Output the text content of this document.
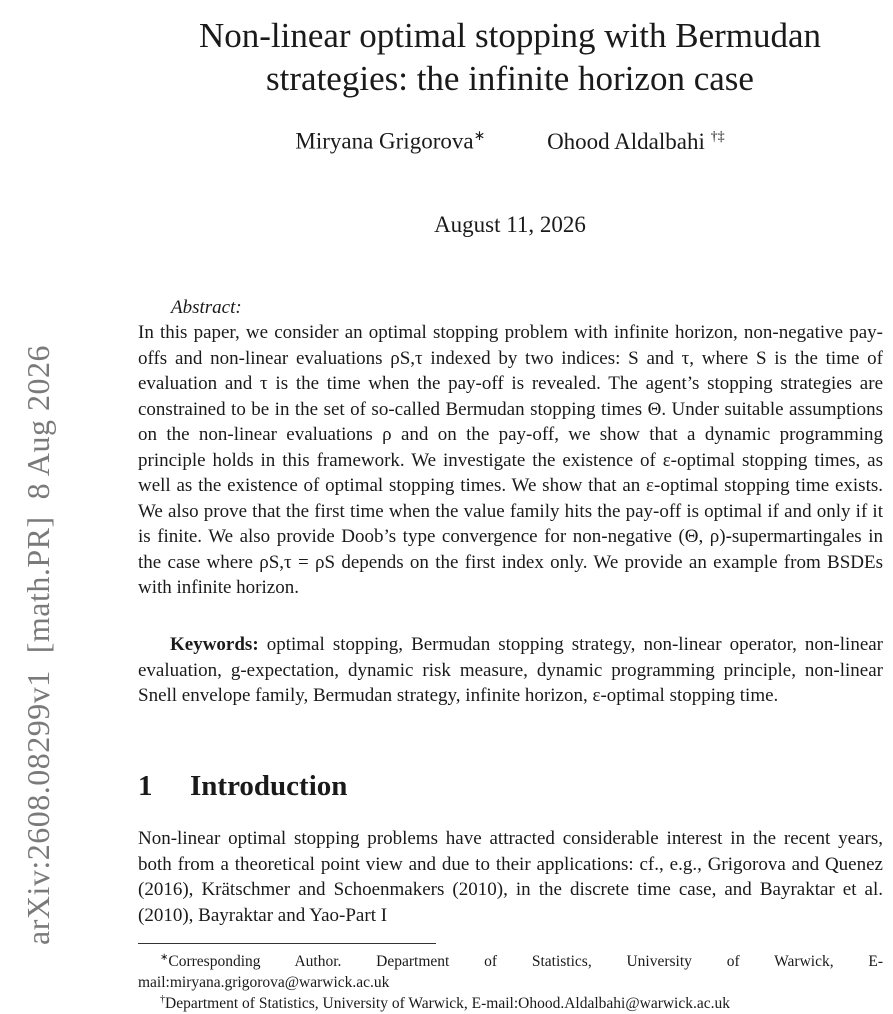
arXiv:2608.08299v1  [math.PR]  8 Aug 2026
Non-linear optimal stopping with Bermudan strategies: the infinite horizon case
Miryana Grigorova∗	Ohood Aldalbahi †‡
August 11, 2026
Abstract:

In this paper, we consider an optimal stopping problem with infinite horizon, non-negative pay-offs and non-linear evaluations ρS,τ indexed by two indices: S and τ, where S is the time of evaluation and τ is the time when the pay-off is revealed. The agent’s stopping strategies are constrained to be in the set of so-called Bermudan stopping times Θ. Under suitable assumptions on the non-linear evaluations ρ and on the pay-off, we show that a dynamic programming principle holds in this framework. We investigate the existence of ε-optimal stopping times, as well as the existence of optimal stopping times. We show that an ε-optimal stopping time exists. We also prove that the first time when the value family hits the pay-off is optimal if and only if it is finite. We also provide Doob’s type convergence for non-negative (Θ, ρ)-supermartingales in the case where ρS,τ = ρS depends on the first index only. We provide an example from BSDEs with infinite horizon.

Keywords: optimal stopping, Bermudan stopping strategy, non-linear operator, non-linear evaluation, g-expectation, dynamic risk measure, dynamic programming principle, non-linear Snell envelope family, Bermudan strategy, infinite horizon, ε-optimal stopping time.

1 Introduction

Non-linear optimal stopping problems have attracted considerable interest in the recent years, both from a theoretical point view and due to their applications: cf., e.g., Grigorova and Quenez (2016), Krätschmer and Schoenmakers (2010), in the discrete time case, and Bayraktar et al. (2010), Bayraktar and Yao-Part I

∗Corresponding Author. Department of Statistics, University of Warwick, E-mail:miryana.grigorova@warwick.ac.uk

†Department of Statistics, University of Warwick, E-mail:Ohood.Aldalbahi@warwick.ac.uk
